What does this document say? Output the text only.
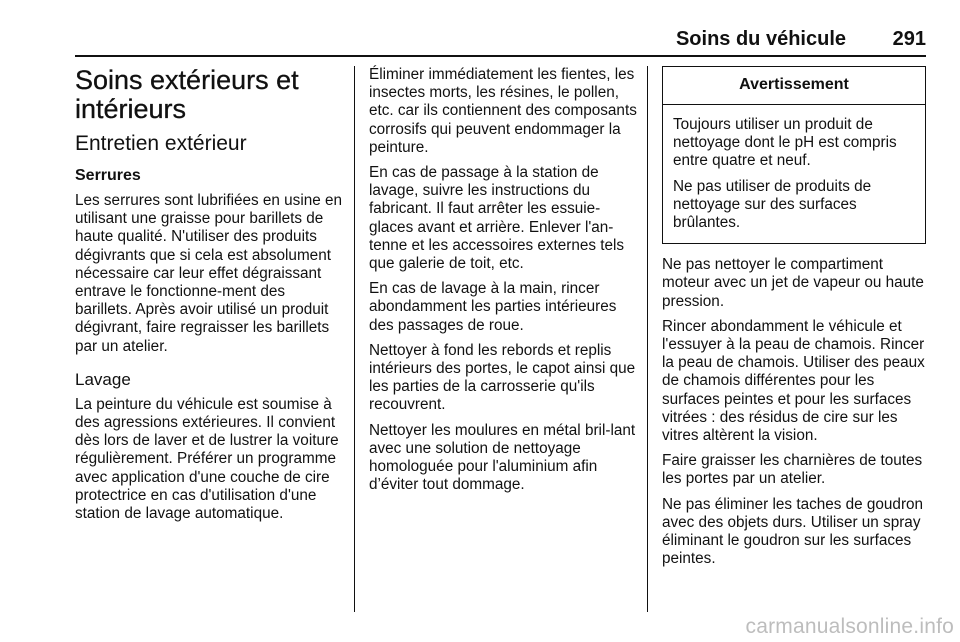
Soins du véhicule 291
Soins extérieurs et intérieurs
Entretien extérieur
Serrures

Les serrures sont lubrifiées en usine en utilisant une graisse pour barillets de haute qualité. N'utiliser des produits dégivrants que si cela est absolument nécessaire car leur effet dégraissant entrave le fonctionne-ment des barillets. Après avoir utilisé un produit dégivrant, faire regraisser les barillets par un atelier.

Lavage

La peinture du véhicule est soumise à des agressions extérieures. Il convient dès lors de laver et de lustrer la voiture régulièrement. Préférer un programme avec application d'une couche de cire protectrice en cas d'utilisation d'une station de lavage automatique.

Éliminer immédiatement les fientes, les insectes morts, les résines, le pollen, etc. car ils contiennent des composants corrosifs qui peuvent endommager la peinture.

En cas de passage à la station de lavage, suivre les instructions du fabricant. Il faut arrêter les essuie-glaces avant et arrière. Enlever l'an-tenne et les accessoires externes tels que galerie de toit, etc.

En cas de lavage à la main, rincer abondamment les parties intérieures des passages de roue.

Nettoyer à fond les rebords et replis intérieurs des portes, le capot ainsi que les parties de la carrosserie qu'ils recouvrent.

Nettoyer les moulures en métal bril-lant avec une solution de nettoyage homologuée pour l'aluminium afin d’éviter tout dommage.

Avertissement

Toujours utiliser un produit de nettoyage dont le pH est compris entre quatre et neuf.

Ne pas utiliser de produits de nettoyage sur des surfaces brûlantes.

Ne pas nettoyer le compartiment moteur avec un jet de vapeur ou haute pression.

Rincer abondamment le véhicule et l'essuyer à la peau de chamois. Rincer la peau de chamois. Utiliser des peaux de chamois différentes pour les surfaces peintes et pour les surfaces vitrées : des résidus de cire sur les vitres altèrent la vision.

Faire graisser les charnières de toutes les portes par un atelier.

Ne pas éliminer les taches de goudron avec des objets durs. Utiliser un spray éliminant le goudron sur les surfaces peintes.

carmanualsonline.info
